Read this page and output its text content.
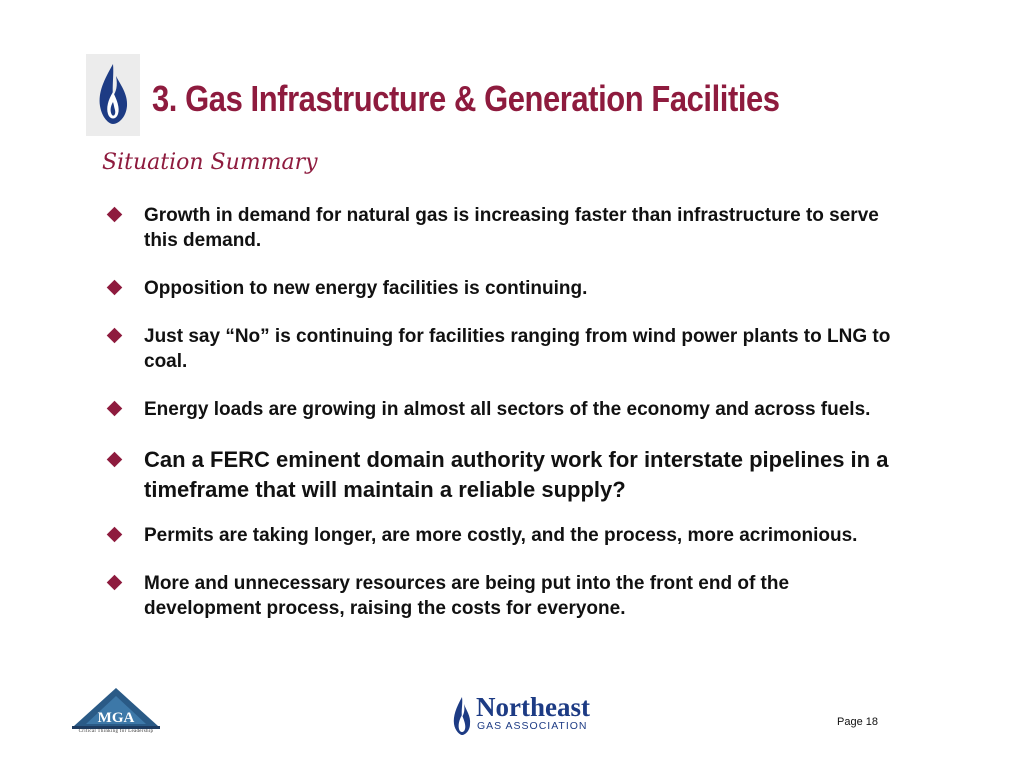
3. Gas Infrastructure & Generation Facilities
Situation Summary
Growth in demand for natural gas is increasing faster than infrastructure to serve this demand.
Opposition to new energy facilities is continuing.
Just say “No” is continuing for facilities ranging from wind power plants to LNG to coal.
Energy loads are growing in almost all sectors of the economy and across fuels.
Can a FERC eminent domain authority work for interstate pipelines in a timeframe that will maintain a reliable supply?
Permits are taking longer, are more costly, and the process, more acrimonious.
More and unnecessary resources are being put into the front end of the development process, raising the costs for everyone.
MGA
Critical Thinking for Leadership
Northeast
GAS ASSOCIATION	Page 18
